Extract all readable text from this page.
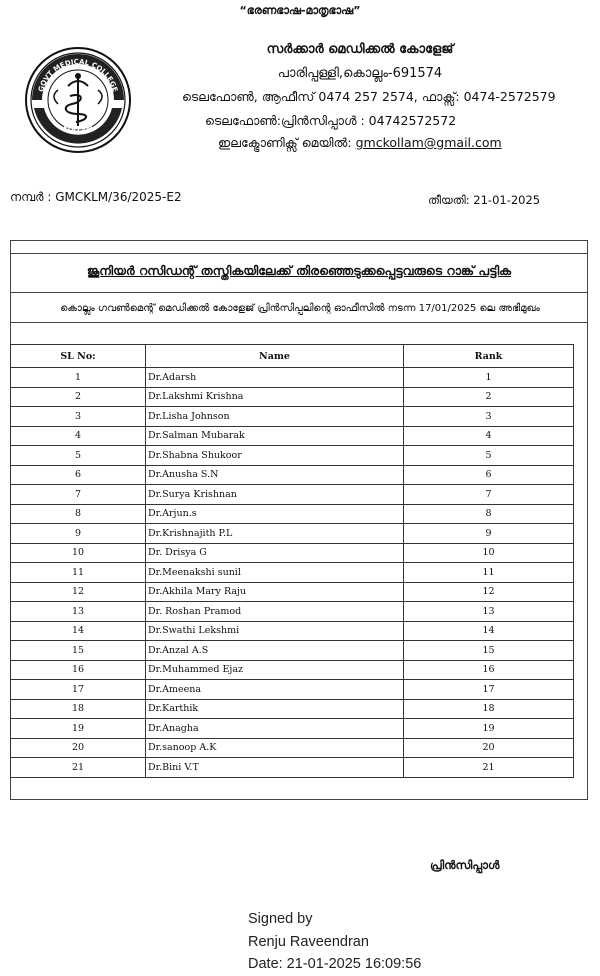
“ഭരണഭാഷ-മാതൃഭാഷ”
GOVT MEDICAL COLLEGE
KOLLAM
സർക്കാർ മെഡിക്കൽ കോളേജ്
പാരിപ്പള്ളി,കൊല്ലം-691574
ടെലഫോൺ, ആഫീസ് 0474 257 2574, ഫാക്സ്: 0474-2572579
ടെലഫോൺ:പ്രിൻസിപ്പാൾ : 04742572572
ഇലക്ട്രോണിക്സ് മെയിൽ: gmckollam@gmail.com
നമ്പർ : GMCKLM/36/2025-E2	തീയതി: 21-01-2025
ജൂനിയർ റസിഡന്റ് തസ്തികയിലേക്ക് തിരഞ്ഞെടുക്കപ്പെട്ടവരുടെ റാങ്ക് പട്ടിക
കൊല്ലം ഗവൺമെന്റ് മെഡിക്കൽ കോളേജ് പ്രിൻസിപ്പലിന്റെ ഓഫീസിൽ നടന്ന 17/01/2025 ലെ അഭിമുഖം
SL No:	Name	Rank
1	Dr.Adarsh	1
2	Dr.Lakshmi Krishna	2
3	Dr.Lisha Johnson	3
4	Dr.Salman Mubarak	4
5	Dr.Shabna Shukoor	5
6	Dr.Anusha S.N	6
7	Dr.Surya Krishnan	7
8	Dr.Arjun.s	8
9	Dr.Krishnajith P.L	9
10	Dr. Drisya G	10
11	Dr.Meenakshi sunil	11
12	Dr.Akhila Mary Raju	12
13	Dr. Roshan Pramod	13
14	Dr.Swathi Lekshmi	14
15	Dr.Anzal A.S	15
16	Dr.Muhammed Ejaz	16
17	Dr.Ameena	17
18	Dr.Karthik	18
19	Dr.Anagha	19
20	Dr.sanoop A.K	20
21	Dr.Bini V.T	21
പ്രിൻസിപ്പാൾ
Signed by
Renju Raveendran
Date: 21-01-2025 16:09:56
